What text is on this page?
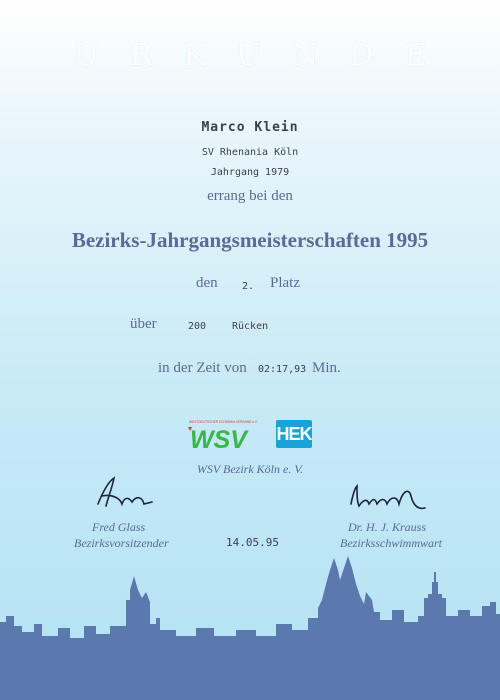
URKUNDE
Marco Klein
SV Rhenania Köln
Jahrgang 1979
errang bei den
Bezirks-Jahrgangsmeisterschaften 1995
den 2. Platz
über	200	Rücken
in der Zeit von 02:17,93 Min.
WESTDEUTSCHER SCHWIMM-VERBAND e.V.
WSV HEK
WSV Bezirk Köln e. V.
Fred Glass
Bezirksvorsitzender	14.05.95
Dr. H. J. Krauss
Bezirksschwimmwart
